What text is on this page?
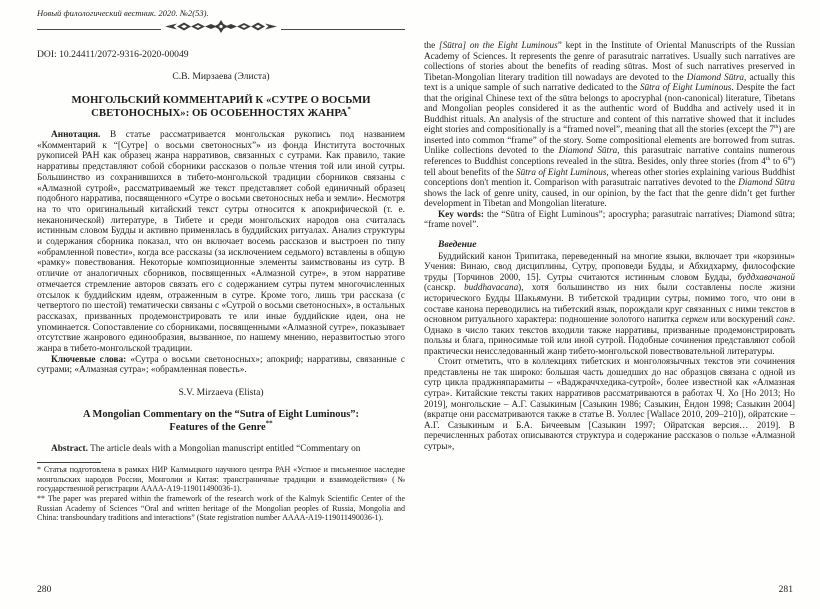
Новый филологический вестник. 2020. №2(53).
DOI: 10.24411/2072-9316-2020-00049
С.В. Мирзаева (Элиста)
МОНГОЛЬСКИЙ КОММЕНТАРИЙ К «СУТРЕ О ВОСЬМИ
СВЕТОНОСНЫХ»: ОБ ОСОБЕННОСТЯХ ЖАНРА*

Аннотация. В статье рассматривается монгольская рукопись под названием «Комментарий к “[Сутре] о восьми светоносных”» из фонда Института восточных рукописей РАН как образец жанра нарративов, связанных с сутрами. Как правило, такие нарративы представляют собой сборники рассказов о пользе чтения той или иной сутры. Большинство из сохранившихся в тибето-монгольской традиции сборников связаны с «Алмазной сутрой», рассматриваемый же текст представляет собой единичный образец подобного нарратива, посвященного «Сутре о восьми светоносных неба и земли». Несмотря на то что оригинальный китайский текст сутры относится к апокрифической (т. е. неканонической) литературе, в Тибете и среди монгольских народов она считалась истинным словом Будды и активно применялась в буддийских ритуалах. Анализ структуры и содержания сборника показал, что он включает восемь рассказов и выстроен по типу «обрамленной повести», когда все рассказы (за исключением седьмого) вставлены в общую «рамку» повествования. Некоторые композиционные элементы заимствованы из сутр. В отличие от аналогичных сборников, посвященных «Алмазной сутре», в этом нарративе отмечается стремление авторов связать его с содержанием сутры путем многочисленных отсылок к буддийским идеям, отраженным в сутре. Кроме того, лишь три рассказа (с четвертого по шестой) тематически связаны с «Сутрой о восьми светоносных», в остальных рассказах, призванных продемонстрировать те или иные буддийские идеи, она не упоминается. Сопоставление со сборниками, посвященными «Алмазной сутре», показывает отсутствие жанрового единообразия, вызванное, по нашему мнению, неразвитостью этого жанра в тибето-монгольской традиции.

Ключевые слова: «Сутра о восьми светоносных»; апокриф; нарративы, связанные с сутрами; «Алмазная сутра»; «обрамленная повесть».

S.V. Mirzaeva (Elista)
A Mongolian Commentary on the “Sutra of Eight Luminous”:
Features of the Genre**

Abstract. The article deals with a Mongolian manuscript entitled “Commentary on

* Статья подготовлена в рамках НИР Калмыцкого научного центра РАН «Устное и письменное наследие монгольских народов России, Монголии и Китая: трансграничные традиции и взаимодействия» (№ государственной регистрации АААА-А19-119011490036-1).

** The paper was prepared within the framework of the research work of the Kalmyk Scientific Center of the Russian Academy of Sciences “Oral and written heritage of the Mongolian peoples of Russia, Mongolia and China: transboundary traditions and interactions” (State registration number АААА-А19-119011490036-1).

280

the [Sūtra] on the Eight Luminous” kept in the Institute of Oriental Manuscripts of the Russian Academy of Sciences. It represents the genre of parasutraic narratives. Usually such narratives are collections of stories about the benefits of reading sūtras. Most of such narratives preserved in Tibetan-Mongolian literary tradition till nowadays are devoted to the Diamond Sūtra, actually this text is a unique sample of such narrative dedicated to the Sūtra of Eight Luminous. Despite the fact that the original Chinese text of the sūtra belongs to apocryphal (non-canonical) literature, Tibetans and Mongolian peoples considered it as the authentic word of Buddha and actively used it in Buddhist rituals. An analysis of the structure and content of this narrative showed that it includes eight stories and compositionally is a “framed novel”, meaning that all the stories (except the 7th) are inserted into common “frame” of the story. Some compositional elements are borrowed from sutras. Unlike collections devoted to the Diamond Sūtra, this parasutraic narrative contains numerous references to Buddhist conceptions revealed in the sūtra. Besides, only three stories (from 4th to 6th) tell about benefits of the Sūtra of Eight Luminous, whereas other stories explaining various Buddhist conceptions don't mention it. Comparison with parasutraic narratives devoted to the Diamond Sūtra shows the lack of genre unity, caused, in our opinion, by the fact that the genre didn’t get further development in Tibetan and Mongolian literature.

Key words: the “Sūtra of Eight Luminous”; apocrypha; parasutraic narratives; Diamond sūtra; “frame novel”.

Введение

Буддийский канон Трипитака, переведенный на многие языки, включает три «корзины» Учения: Винаю, свод дисциплины, Сутру, проповеди Будды, и Абхидхарму, философские труды [Торчинов 2000, 15]. Сутры считаются истинным словом Будды, буддхавачаной (санскр. buddhavacana), хотя большинство из них были составлены после жизни исторического Будды Шакьямуни. В тибетской традиции сутры, помимо того, что они в составе канона переводились на тибетский язык, порождали круг связанных с ними текстов в основном ритуального характера: подношение золотого напитка серкем или воскурений санг. Однако в число таких текстов входили также нарративы, призванные продемонстрировать пользы и блага, приносимые той или иной сутрой. Подобные сочинения представляют собой практически неисследованный жанр тибето-монгольской повествовательной литературы.

Стоит отметить, что в коллекциях тибетских и монголоязычных текстов эти сочинения представлены не так широко: большая часть дошедших до нас образцов связана с одной из сутр цикла праджняпарамиты – «Ваджраччхедика-сутрой», более известной как «Алмазная сутра». Китайские тексты таких нарративов рассматриваются в работах Ч. Хо [Ho 2013; Ho 2019], монгольские – А.Г. Сазыкиным [Сазыкин 1986; Сазыкин, Ёндон 1998; Сазыкин 2004] (вкратце они рассматриваются также в статье В. Уоллес [Wallace 2010, 209–210]), ойратские – А.Г. Сазыкиным и Б.А. Бичеевым [Сазыкин 1997; Ойратская версия… 2019]. В перечисленных работах описываются структура и содержание рассказов о пользе «Алмазной сутры»,

281
